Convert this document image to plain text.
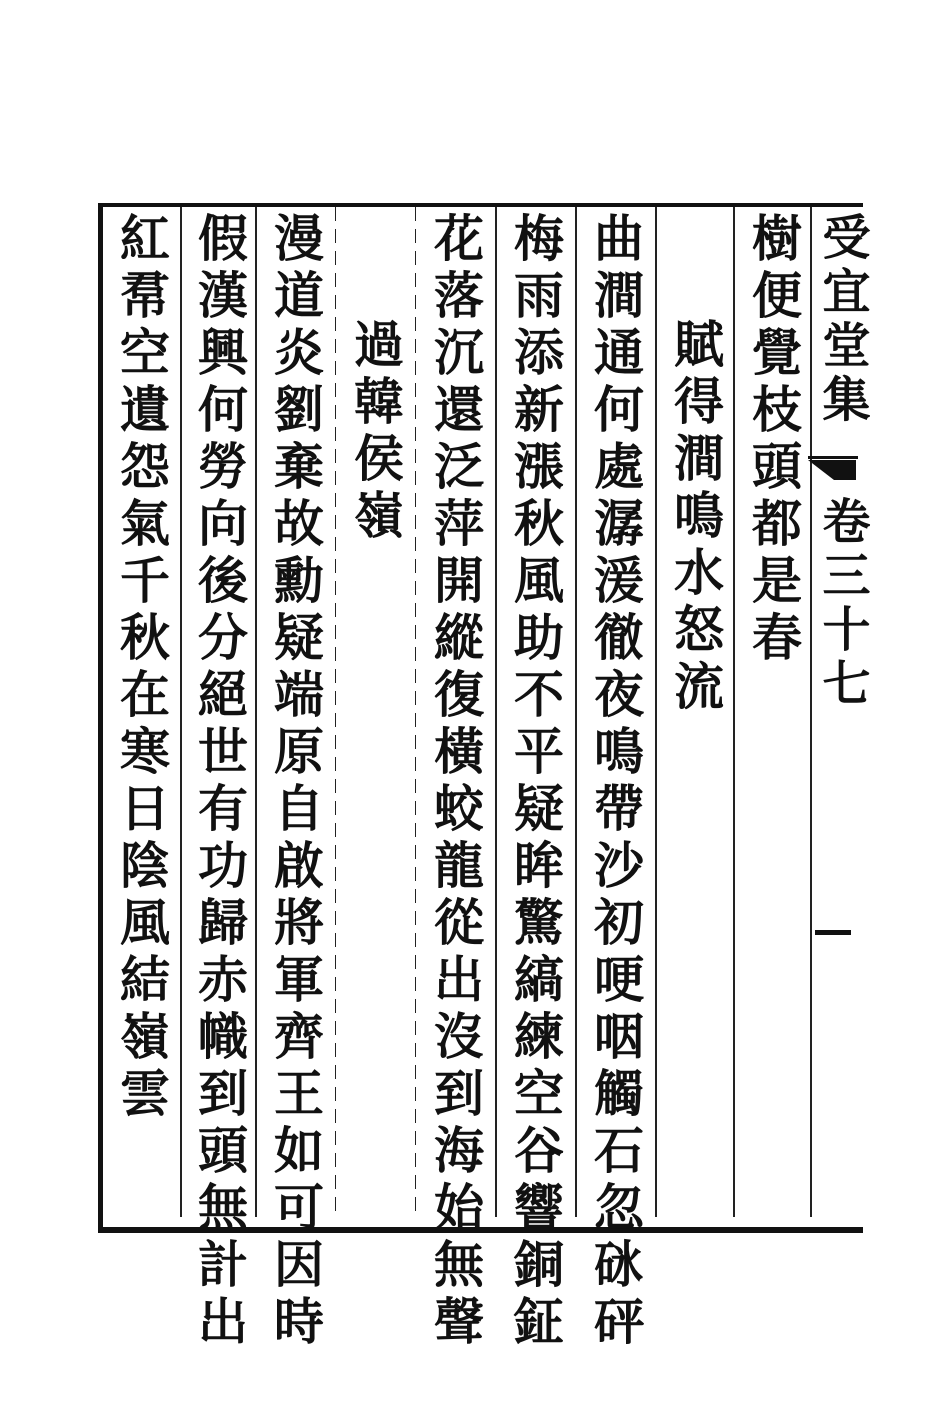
樹便覺枝頭都是春
賦得澗鳴水怒流
曲澗通何處潺湲徹夜鳴帶沙初哽咽觸石忽砯砰
梅雨添新漲秋風助不平疑眸驚縞練空谷響銅鉦
花落沉還泛萍開縱復橫蛟龍從出沒到海始無聲
過韓侯嶺
漫道炎劉棄故勳疑端原自啟將軍齊王如可因時
假漢興何勞向後分絕世有功歸赤幟到頭無計出
紅帬空遺怨氣千秋在寒日陰風結嶺雲	受宜堂集
卷三十七
